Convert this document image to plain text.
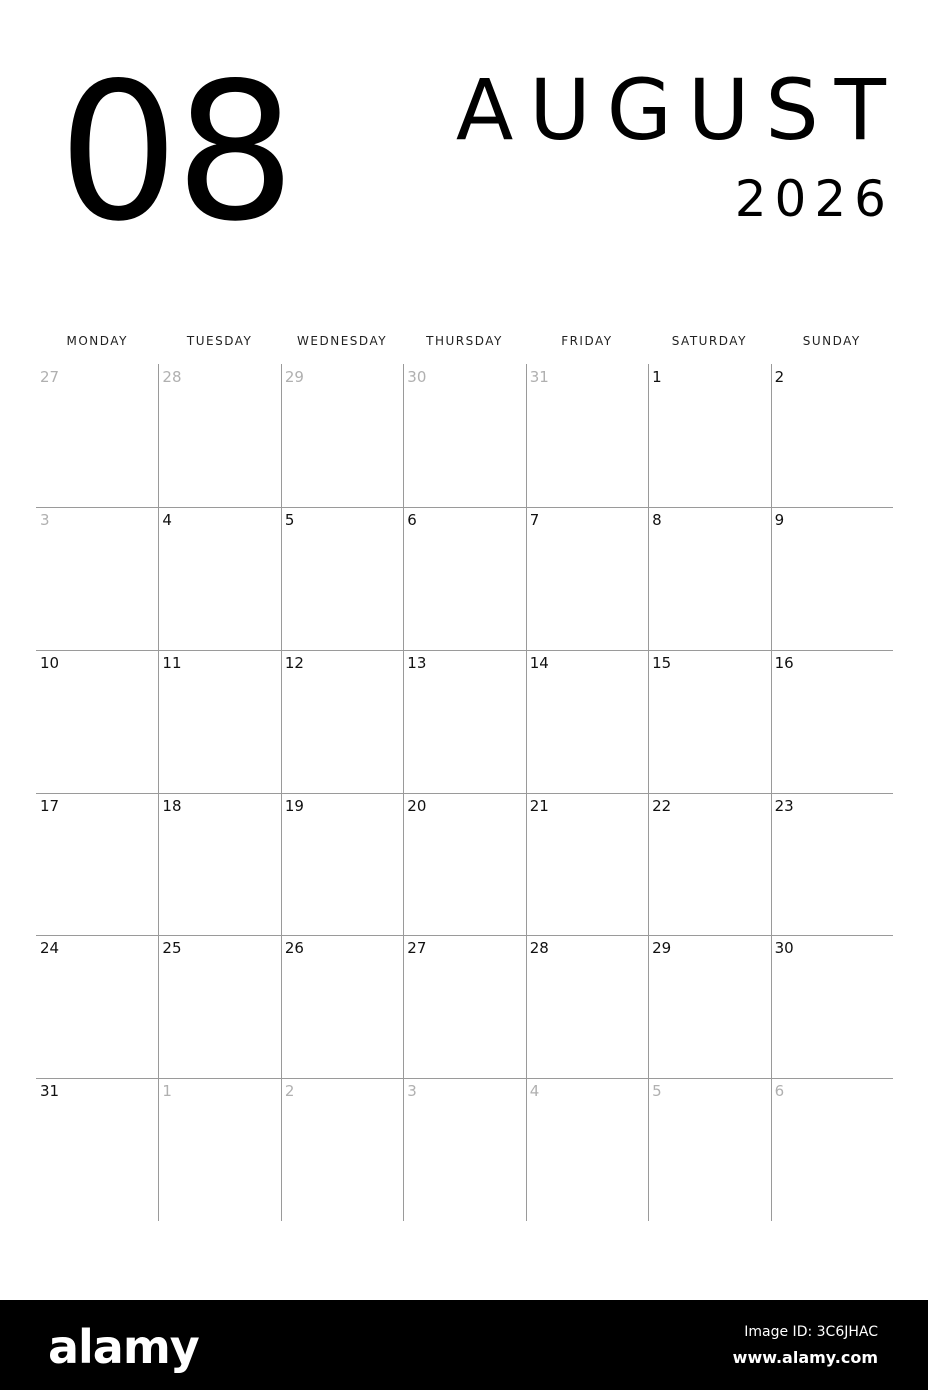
08 AUGUST
2026
MONDAY	TUESDAY	WEDNESDAY	THURSDAY	FRIDAY	SATURDAY	SUNDAY
27	28	29	30	31	1	2
3	4	5	6	7	8	9
10	11	12	13	14	15	16
17	18	19	20	21	22	23
24	25	26	27	28	29	30
31	1	2	3	4	5	6
alamy	Image ID: 3C6JHAC
www.alamy.com
